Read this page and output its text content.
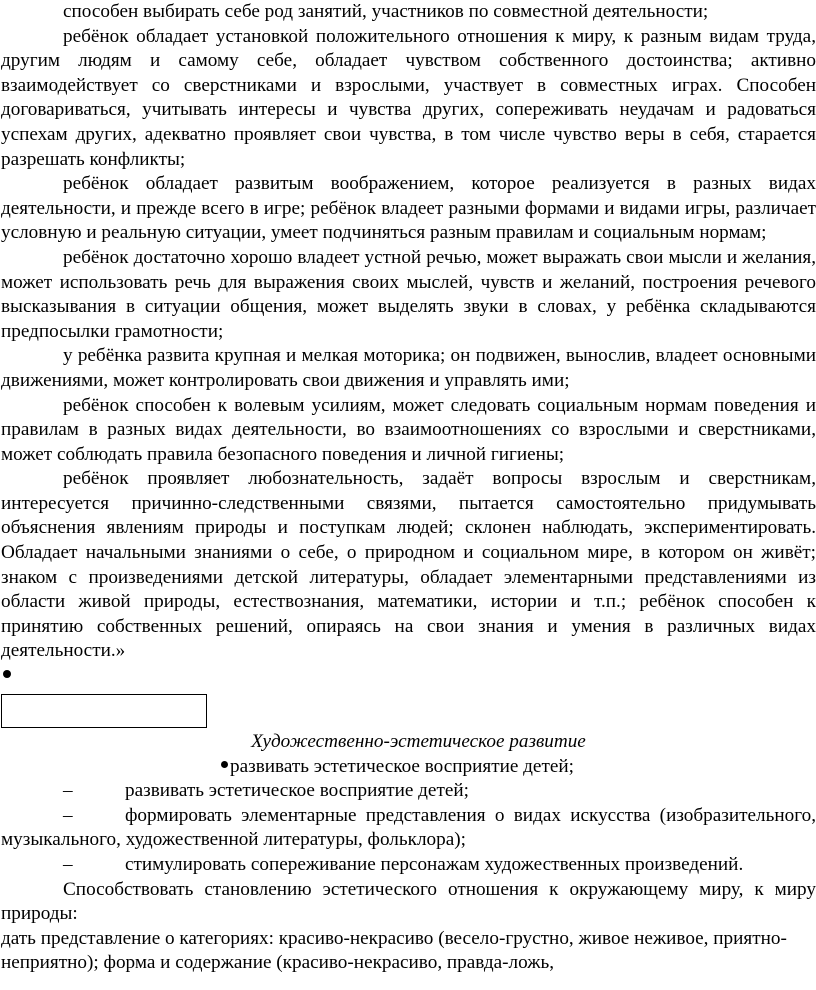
способен выбирать себе род занятий, участников по совместной деятельности;

ребёнок обладает установкой положительного отношения к миру, к разным видам труда, другим людям и самому себе, обладает чувством собственного достоинства; активно взаимодействует со сверстниками и взрослыми, участвует в совместных играх. Способен договариваться, учитывать интересы и чувства других, сопереживать неудачам и радоваться успехам других, адекватно проявляет свои чувства, в том числе чувство веры в себя, старается разрешать конфликты;

ребёнок обладает развитым воображением, которое реализуется в разных видах деятельности, и прежде всего в игре; ребёнок владеет разными формами и видами игры, различает условную и реальную ситуации, умеет подчиняться разным правилам и социальным нормам;

ребёнок достаточно хорошо владеет устной речью, может выражать свои мысли и желания, может использовать речь для выражения своих мыслей, чувств и желаний, построения речевого высказывания в ситуации общения, может выделять звуки в словах, у ребёнка складываются предпосылки грамотности;

у ребёнка развита крупная и мелкая моторика; он подвижен, вынослив, владеет основными движениями, может контролировать свои движения и управлять ими;

ребёнок способен к волевым усилиям, может следовать социальным нормам поведения и правилам в разных видах деятельности, во взаимоотношениях со взрослыми и сверстниками, может соблюдать правила безопасного поведения и личной гигиены;

ребёнок проявляет любознательность, задаёт вопросы взрослым и сверстникам, интересуется причинно-следственными связями, пытается самостоятельно придумывать объяснения явлениям природы и поступкам людей; склонен наблюдать, экспериментировать. Обладает начальными знаниями о себе, о природном и социальном мире, в котором он живёт; знаком с произведениями детской литературы, обладает элементарными представлениями из области живой природы, естествознания, математики, истории и т.п.; ребёнок способен к принятию собственных решений, опираясь на свои знания и умения в различных видах деятельности.»

Художественно-эстетическое развитие

развивать эстетическое восприятие детей;

–	развивать эстетическое восприятие детей;

–	формировать элементарные представления о видах искусства (изобразительного, музыкального, художественной литературы, фольклора);

–	стимулировать сопереживание персонажам художественных произведений.

Способствовать становлению эстетического отношения к окружающему миру, к миру природы:

дать представление о категориях: красиво-некрасиво (весело-грустно, живое неживое, приятно-неприятно); форма и содержание (красиво-некрасиво, правда-ложь,
